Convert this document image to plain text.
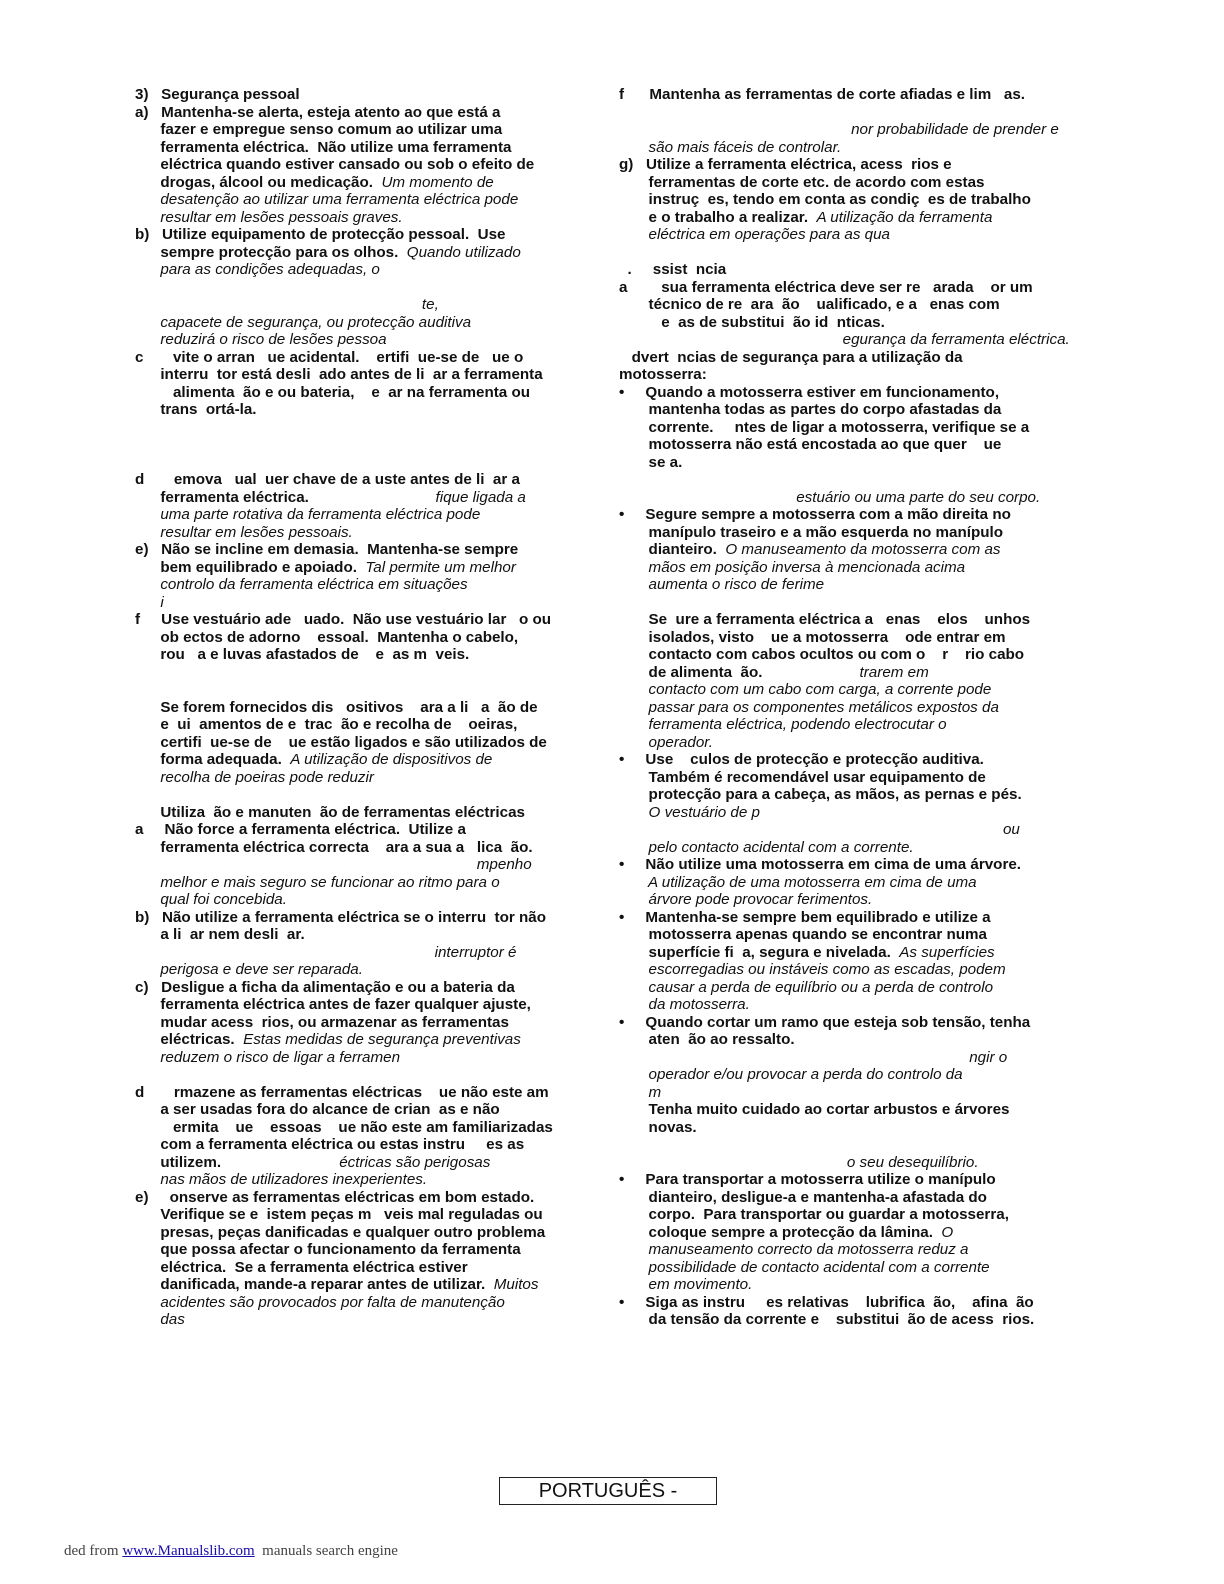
3)   Segurança pessoal
a)   Mantenha-se alerta, esteja atento ao que está a
fazer e empregue senso comum ao utilizar uma
ferramenta eléctrica.  Não utilize uma ferramenta
eléctrica quando estiver cansado ou sob o efeito de
drogas, álcool ou medicação.  Um momento de
desatenção ao utilizar uma ferramenta eléctrica pode
resultar em lesões pessoais graves.
b)   Utilize equipamento de protecção pessoal.  Use
sempre protecção para os olhos.  Quando utilizado
para as condições adequadas, o
te,
capacete de segurança, ou protecção auditiva
reduzirá o risco de lesões pessoa
c       vite o arran   ue acidental.    ertifi  ue-se de   ue o
interru  tor está desli  ado antes de li  ar a ferramenta
alimenta  ão e ou bateria,    e  ar na ferramenta ou
trans  ortá-la.
d       emova   ual  uer chave de a uste antes de li  ar a
ferramenta eléctrica.                              fique ligada a
uma parte rotativa da ferramenta eléctrica pode
resultar em lesões pessoais.
e)   Não se incline em demasia.  Mantenha-se sempre
bem equilibrado e apoiado.  Tal permite um melhor
controlo da ferramenta eléctrica em situações
i
f     Use vestuário ade   uado.  Não use vestuário lar   o ou
ob ectos de adorno    essoal.  Mantenha o cabelo,
rou   a e luvas afastados de    e  as m  veis.
Se forem fornecidos dis   ositivos    ara a li   a  ão de
e  ui  amentos de e  trac  ão e recolha de    oeiras,
certifi  ue-se de    ue estão ligados e são utilizados de
forma adequada.  A utilização de dispositivos de
recolha de poeiras pode reduzir
Utiliza  ão e manuten  ão de ferramentas eléctricas
a     Não force a ferramenta eléctrica.  Utilize a
ferramenta eléctrica correcta    ara a sua a   lica  ão.
mpenho
melhor e mais seguro se funcionar ao ritmo para o
qual foi concebida.
b)   Não utilize a ferramenta eléctrica se o interru  tor não
a li  ar nem desli  ar.
interruptor é
perigosa e deve ser reparada.
c)   Desligue a ficha da alimentação e ou a bateria da
ferramenta eléctrica antes de fazer qualquer ajuste,
mudar acess  rios, ou armazenar as ferramentas
eléctricas.  Estas medidas de segurança preventivas
reduzem o risco de ligar a ferramen
d       rmazene as ferramentas eléctricas    ue não este am
a ser usadas fora do alcance de crian  as e não
ermita    ue    essoas    ue não este am familiarizadas
com a ferramenta eléctrica ou estas instru     es as
utilizem.                            éctricas são perigosas
nas mãos de utilizadores inexperientes.
e)     onserve as ferramentas eléctricas em bom estado.
Verifique se e  istem peças m   veis mal reguladas ou
presas, peças danificadas e qualquer outro problema
que possa afectar o funcionamento da ferramenta
eléctrica.  Se a ferramenta eléctrica estiver
danificada, mande-a reparar antes de utilizar.  Muitos
acidentes são provocados por falta de manutenção
das
f      Mantenha as ferramentas de corte afiadas e lim   as.
nor probabilidade de prender e
são mais fáceis de controlar.
g)   Utilize a ferramenta eléctrica, acess  rios e
ferramentas de corte etc. de acordo com estas
instruç  es, tendo em conta as condiç  es de trabalho
e o trabalho a realizar.  A utilização da ferramenta
eléctrica em operações para as qua
.     ssist  ncia
a        sua ferramenta eléctrica deve ser re   arada    or um
técnico de re  ara  ão    ualificado, e a   enas com
e  as de substitui  ão id  nticas.
egurança da ferramenta eléctrica.
dvert  ncias de segurança para a utilização da
motosserra:
•     Quando a motosserra estiver em funcionamento,
mantenha todas as partes do corpo afastadas da
corrente.     ntes de ligar a motosserra, verifique se a
motosserra não está encostada ao que quer    ue
se a.
estuário ou uma parte do seu corpo.
•     Segure sempre a motosserra com a mão direita no
manípulo traseiro e a mão esquerda no manípulo
dianteiro.  O manuseamento da motosserra com as
mãos em posição inversa à mencionada acima
aumenta o risco de ferime
Se  ure a ferramenta eléctrica a   enas    elos    unhos
isolados, visto    ue a motosserra    ode entrar em
contacto com cabos ocultos ou com o    r    rio cabo
de alimenta  ão.                       trarem em
contacto com um cabo com carga, a corrente pode
passar para os componentes metálicos expostos da
ferramenta eléctrica, podendo electrocutar o
operador.
•     Use    culos de protecção e protecção auditiva.
Também é recomendável usar equipamento de
protecção para a cabeça, as mãos, as pernas e pés.
O vestuário de p
ou
pelo contacto acidental com a corrente.
•     Não utilize uma motosserra em cima de uma árvore.
A utilização de uma motosserra em cima de uma
árvore pode provocar ferimentos.
•     Mantenha-se sempre bem equilibrado e utilize a
motosserra apenas quando se encontrar numa
superfície fi  a, segura e nivelada.  As superfícies
escorregadias ou instáveis como as escadas, podem
causar a perda de equilíbrio ou a perda de controlo
da motosserra.
•     Quando cortar um ramo que esteja sob tensão, tenha
aten  ão ao ressalto.
ngir o
operador e/ou provocar a perda do controlo da
m
Tenha muito cuidado ao cortar arbustos e árvores
novas.
o seu desequilíbrio.
•     Para transportar a motosserra utilize o manípulo
dianteiro, desligue-a e mantenha-a afastada do
corpo.  Para transportar ou guardar a motosserra,
coloque sempre a protecção da lâmina.  O
manuseamento correcto da motosserra reduz a
possibilidade de contacto acidental com a corrente
em movimento.
•     Siga as instru     es relativas    lubrifica  ão,    afina  ão
da tensão da corrente e    substitui  ão de acess  rios.
PORTUGUÊS -
ded from www.Manualslib.com  manuals search engine
